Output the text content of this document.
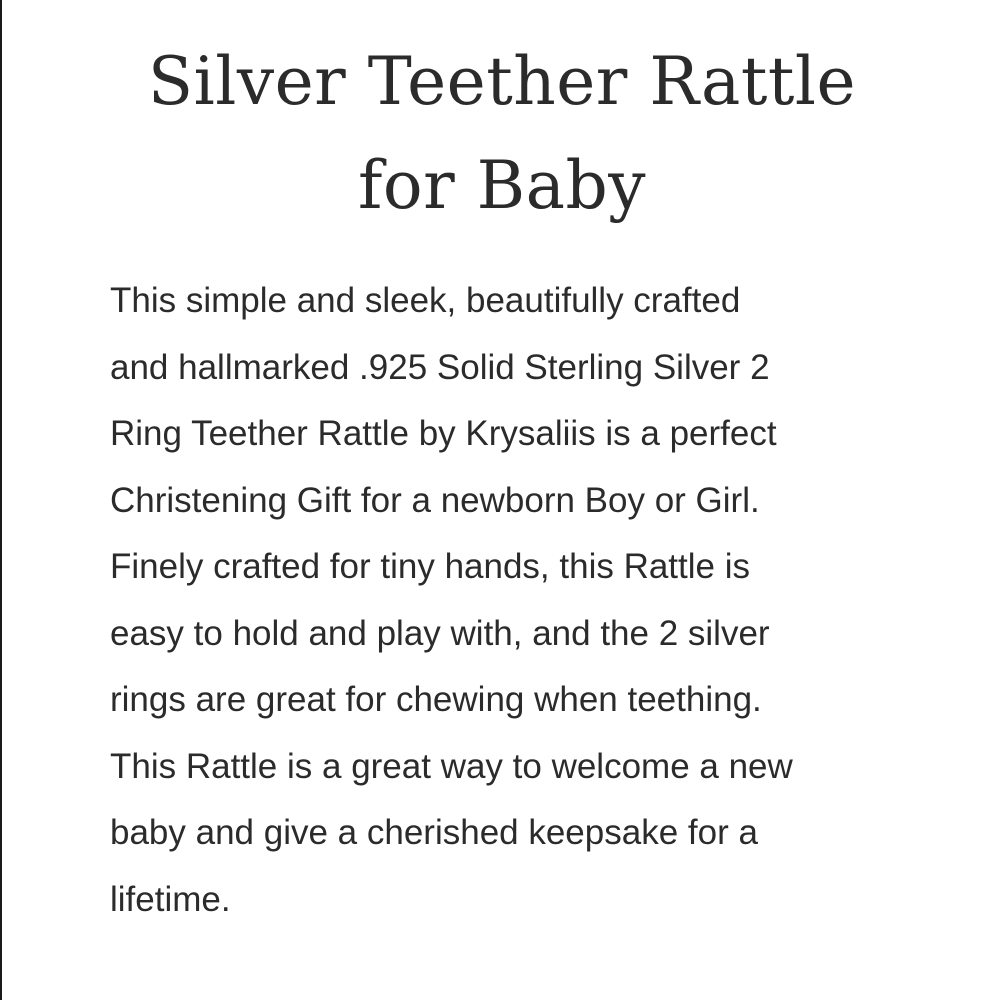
Silver Teether Rattle
for Baby

This simple and sleek, beautifully crafted
and hallmarked .925 Solid Sterling Silver 2
Ring Teether Rattle by Krysaliis is a perfect
Christening Gift for a newborn Boy or Girl.
Finely crafted for tiny hands, this Rattle is
easy to hold and play with, and the 2 silver
rings are great for chewing when teething.
This Rattle is a great way to welcome a new
baby and give a cherished keepsake for a
lifetime.
